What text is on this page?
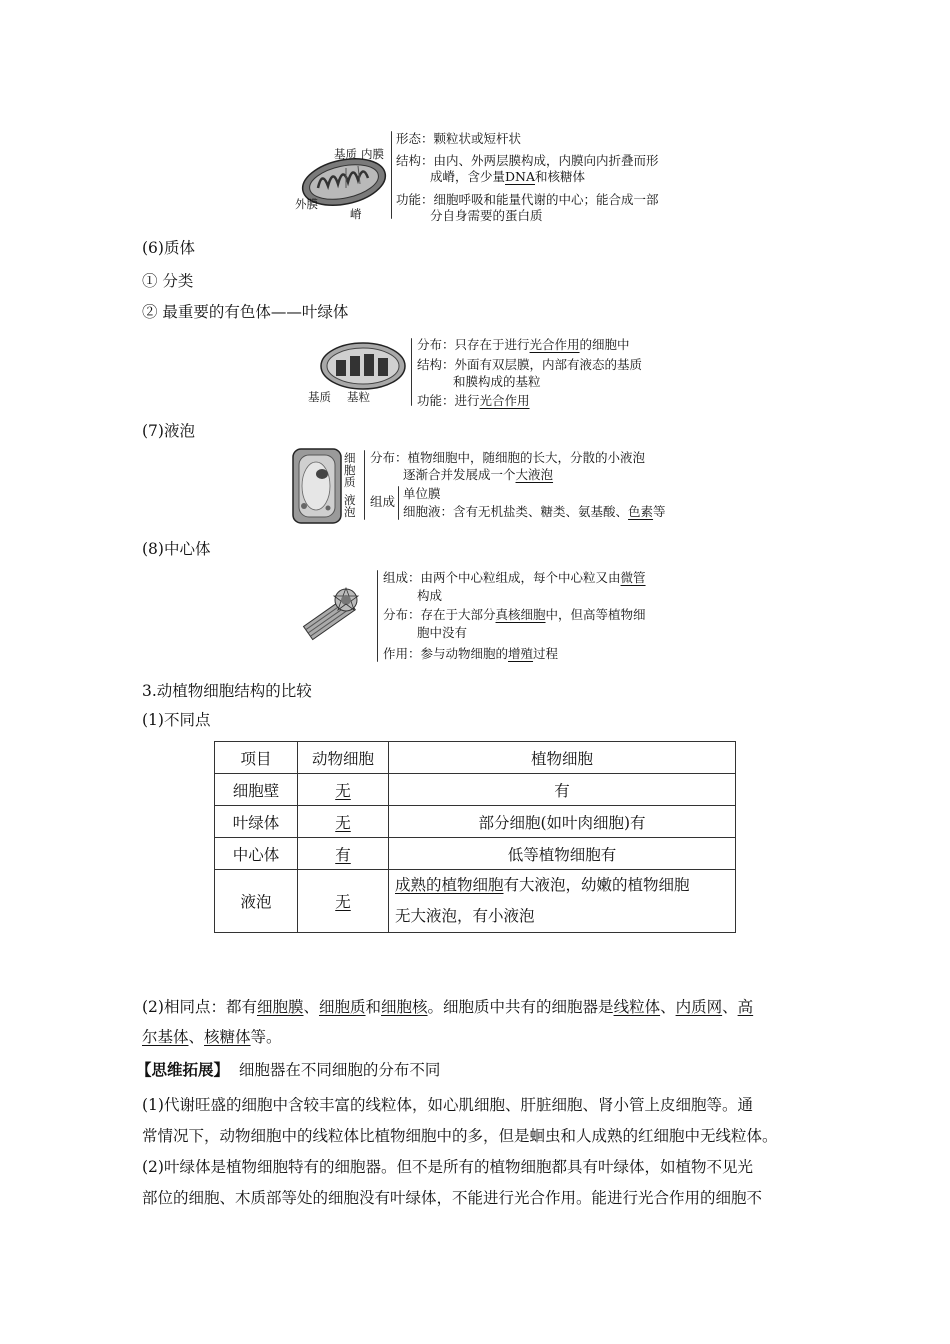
基质 内膜
外膜
嵴
形态：颗粒状或短杆状
结构：由内、外两层膜构成，内膜向内折叠而形
成嵴，含少量DNA和核糖体
功能：细胞呼吸和能量代谢的中心；能合成一部
分自身需要的蛋白质
(6)质体
① 分类
② 最重要的有色体——叶绿体
基质 基粒
分布：只存在于进行光合作用的细胞中
结构：外面有双层膜，内部有液态的基质
和膜构成的基粒
功能：进行光合作用
(7)液泡
细胞质
液泡
分布：植物细胞中，随细胞的长大，分散的小液泡
逐渐合并发展成一个大液泡
组成
单位膜
细胞液：含有无机盐类、糖类、氨基酸、色素等
(8)中心体
组成：由两个中心粒组成，每个中心粒又由微管
构成
分布：存在于大部分真核细胞中，但高等植物细
胞中没有
作用：参与动物细胞的增殖过程
3.动植物细胞结构的比较
(1)不同点
项目	动物细胞	植物细胞
细胞壁	无	有
叶绿体	无	部分细胞(如叶肉细胞)有
中心体	有	低等植物细胞有
液泡	无	成熟的植物细胞有大液泡，幼嫩的植物细胞
无大液泡，有小液泡
(2)相同点：都有细胞膜、细胞质和细胞核。细胞质中共有的细胞器是线粒体、内质网、高
尔基体、核糖体等。
【思维拓展】 细胞器在不同细胞的分布不同
(1)代谢旺盛的细胞中含较丰富的线粒体，如心肌细胞、肝脏细胞、肾小管上皮细胞等。通
常情况下，动物细胞中的线粒体比植物细胞中的多，但是蛔虫和人成熟的红细胞中无线粒体。
(2)叶绿体是植物细胞特有的细胞器。但不是所有的植物细胞都具有叶绿体，如植物不见光
部位的细胞、木质部等处的细胞没有叶绿体，不能进行光合作用。能进行光合作用的细胞不
